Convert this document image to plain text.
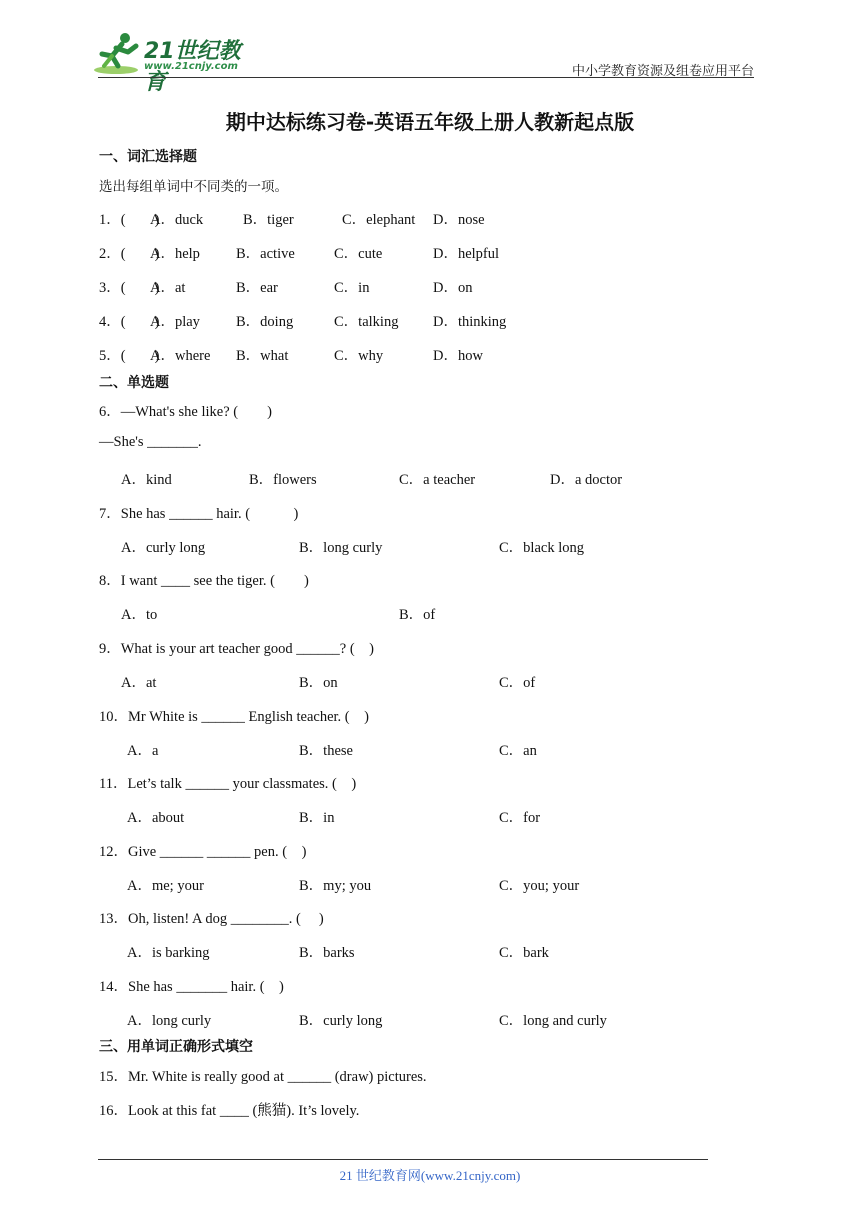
21世纪教育
www.21cnjy.com	中小学教育资源及组卷应用平台
期中达标练习卷-英语五年级上册人教新起点版
一、词汇选择题
选出每组单词中不同类的一项。
1．(　　)
A．duck	B．tiger	C．elephant D．nose
2．(　　)
A．help B．active	C．cute	D．helpful
3．(　　)
A．at	B．ear	C．in	D．on
4．(　　)
A．play B．doing	C．talking D．thinking
5．(　　)
A．where B．what	C．why	D．how
二、单选题
6．—What's she like? (　　)
—She's _______.
A．kind	B．flowers	C．a teacher	D．a doctor
7．She has ______ hair. (　　　)
A．curly long	B．long curly	C．black long
8．I want ____ see the tiger. (　　)
A．to	B．of
9．What is your art teacher good ______? (　)
A．at	B．on	C．of
10．Mr White is ______ English teacher. (　)
A．a	B．these	C．an
11．Let’s talk ______ your classmates. (　)
A．about	B．in	C．for
12．Give ______ ______ pen. (　)
A．me; your	B．my; you	C．you; your
13．Oh, listen! A dog ________. (　 )
A．is barking	B．barks	C．bark
14．She has _______ hair. (　)
A．long curly	B．curly long	C．long and curly
三、用单词正确形式填空
15．Mr. White is really good at ______ (draw) pictures.
16．Look at this fat ____ (熊猫). It’s lovely.
21 世纪教育网(www.21cnjy.com)
